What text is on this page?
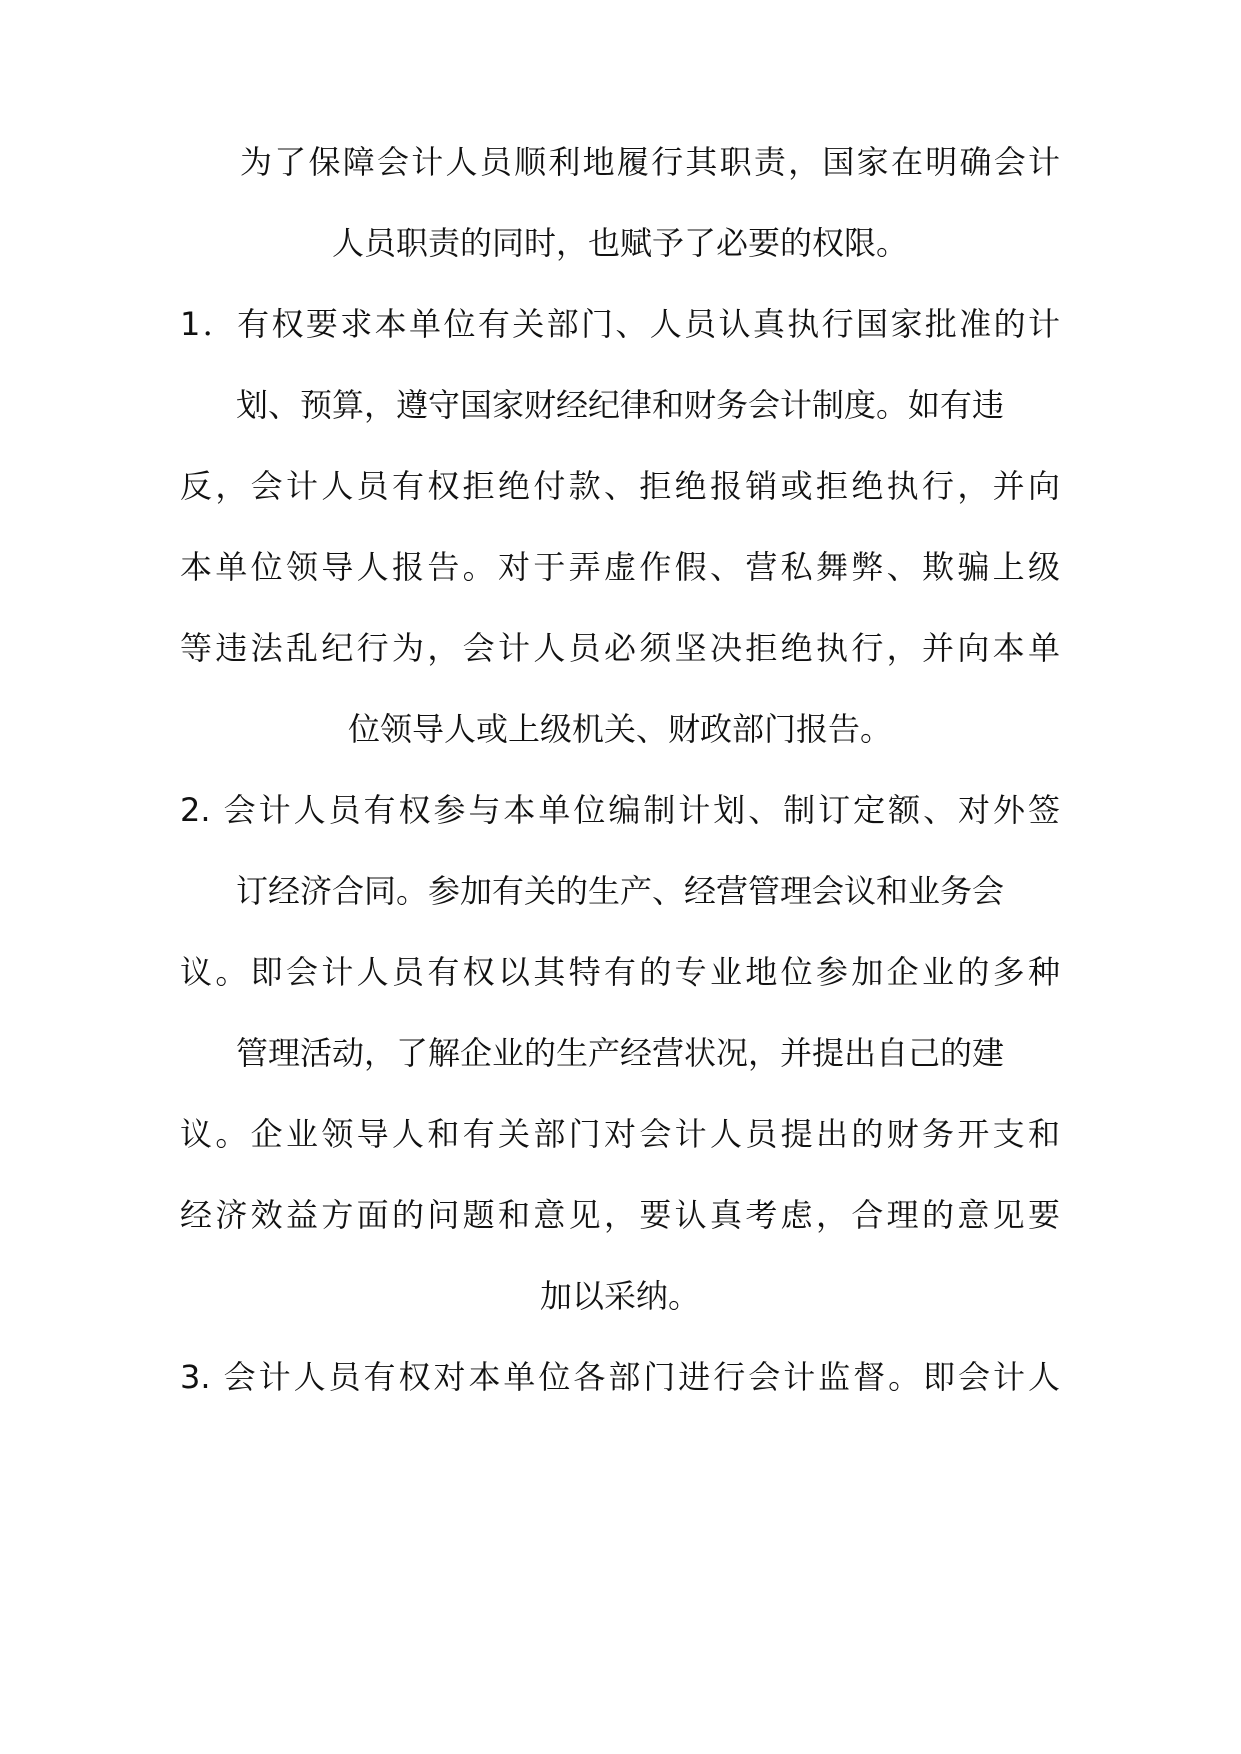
为了保障会计人员顺利地履行其职责，国家在明确会计

人员职责的同时，也赋予了必要的权限。

1．有权要求本单位有关部门、人员认真执行国家批准的计

划、预算，遵守国家财经纪律和财务会计制度。如有违

反，会计人员有权拒绝付款、拒绝报销或拒绝执行，并向

本单位领导人报告。对于弄虚作假、营私舞弊、欺骗上级

等违法乱纪行为，会计人员必须坚决拒绝执行，并向本单

位领导人或上级机关、财政部门报告。

2. 会计人员有权参与本单位编制计划、制订定额、对外签

订经济合同。参加有关的生产、经营管理会议和业务会

议。即会计人员有权以其特有的专业地位参加企业的多种

管理活动，了解企业的生产经营状况，并提出自己的建

议。企业领导人和有关部门对会计人员提出的财务开支和

经济效益方面的问题和意见，要认真考虑，合理的意见要

加以采纳。

3. 会计人员有权对本单位各部门进行会计监督。即会计人
